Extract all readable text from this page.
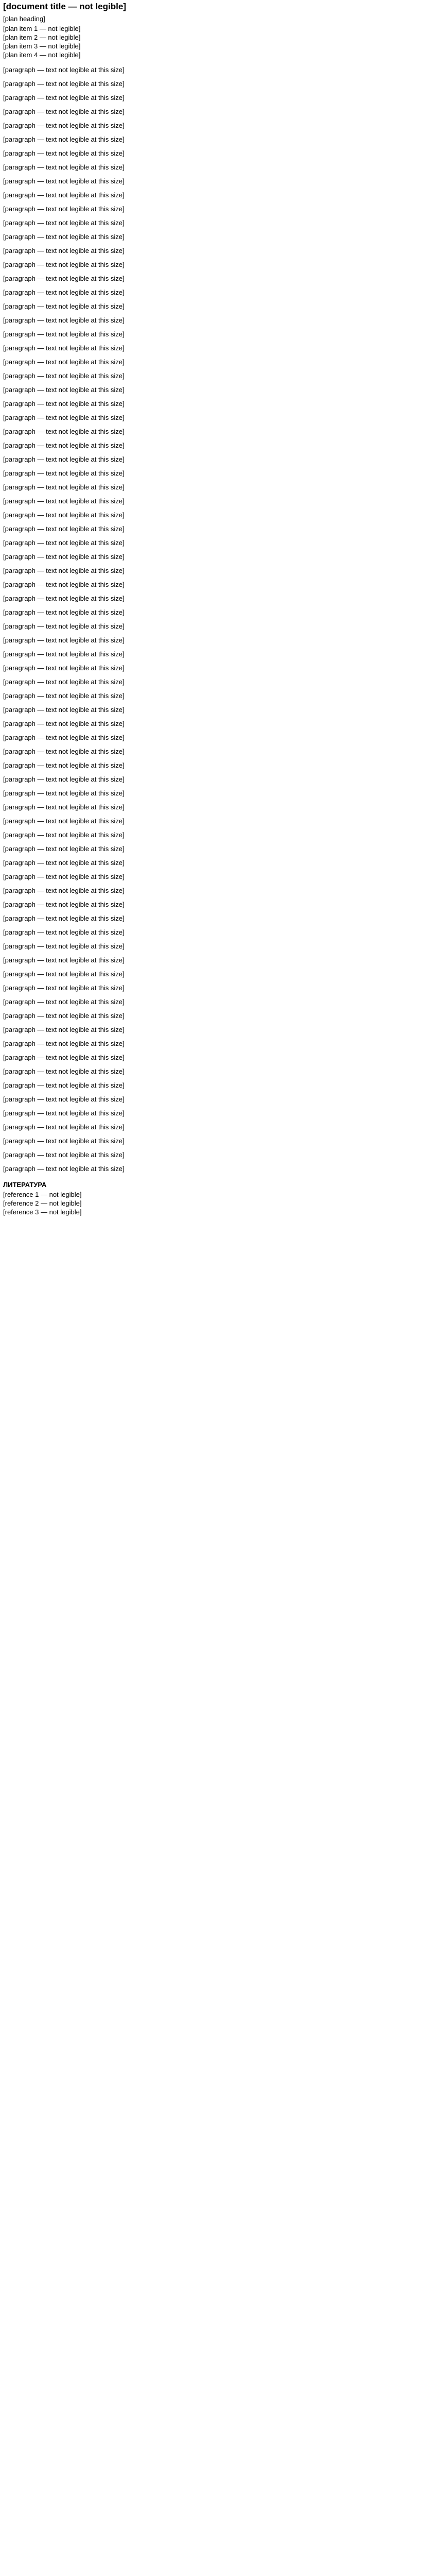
[document title — not legible]
[plan heading]
[plan item 1 — not legible]
[plan item 2 — not legible]
[plan item 3 — not legible]
[plan item 4 — not legible]
[paragraph — text not legible at this size]
[paragraph — text not legible at this size]
[paragraph — text not legible at this size]
[paragraph — text not legible at this size]
[paragraph — text not legible at this size]
[paragraph — text not legible at this size]
[paragraph — text not legible at this size]
[paragraph — text not legible at this size]
[paragraph — text not legible at this size]
[paragraph — text not legible at this size]
[paragraph — text not legible at this size]
[paragraph — text not legible at this size]
[paragraph — text not legible at this size]
[paragraph — text not legible at this size]
[paragraph — text not legible at this size]
[paragraph — text not legible at this size]
[paragraph — text not legible at this size]
[paragraph — text not legible at this size]
[paragraph — text not legible at this size]
[paragraph — text not legible at this size]
[paragraph — text not legible at this size]
[paragraph — text not legible at this size]
[paragraph — text not legible at this size]
[paragraph — text not legible at this size]
[paragraph — text not legible at this size]
[paragraph — text not legible at this size]
[paragraph — text not legible at this size]
[paragraph — text not legible at this size]
[paragraph — text not legible at this size]
[paragraph — text not legible at this size]
[paragraph — text not legible at this size]
[paragraph — text not legible at this size]
[paragraph — text not legible at this size]
[paragraph — text not legible at this size]
[paragraph — text not legible at this size]
[paragraph — text not legible at this size]
[paragraph — text not legible at this size]
[paragraph — text not legible at this size]
[paragraph — text not legible at this size]
[paragraph — text not legible at this size]
[paragraph — text not legible at this size]
[paragraph — text not legible at this size]
[paragraph — text not legible at this size]
[paragraph — text not legible at this size]
[paragraph — text not legible at this size]
[paragraph — text not legible at this size]
[paragraph — text not legible at this size]
[paragraph — text not legible at this size]
[paragraph — text not legible at this size]
[paragraph — text not legible at this size]
[paragraph — text not legible at this size]
[paragraph — text not legible at this size]
[paragraph — text not legible at this size]
[paragraph — text not legible at this size]
[paragraph — text not legible at this size]
[paragraph — text not legible at this size]
[paragraph — text not legible at this size]
[paragraph — text not legible at this size]
[paragraph — text not legible at this size]
[paragraph — text not legible at this size]
[paragraph — text not legible at this size]
[paragraph — text not legible at this size]
[paragraph — text not legible at this size]
[paragraph — text not legible at this size]
[paragraph — text not legible at this size]
[paragraph — text not legible at this size]
[paragraph — text not legible at this size]
[paragraph — text not legible at this size]
[paragraph — text not legible at this size]
[paragraph — text not legible at this size]
[paragraph — text not legible at this size]
[paragraph — text not legible at this size]
[paragraph — text not legible at this size]
[paragraph — text not legible at this size]
[paragraph — text not legible at this size]
[paragraph — text not legible at this size]
[paragraph — text not legible at this size]
[paragraph — text not legible at this size]
[paragraph — text not legible at this size]
[paragraph — text not legible at this size]
ЛИТЕРАТУРА
[reference 1 — not legible]
[reference 2 — not legible]
[reference 3 — not legible]
